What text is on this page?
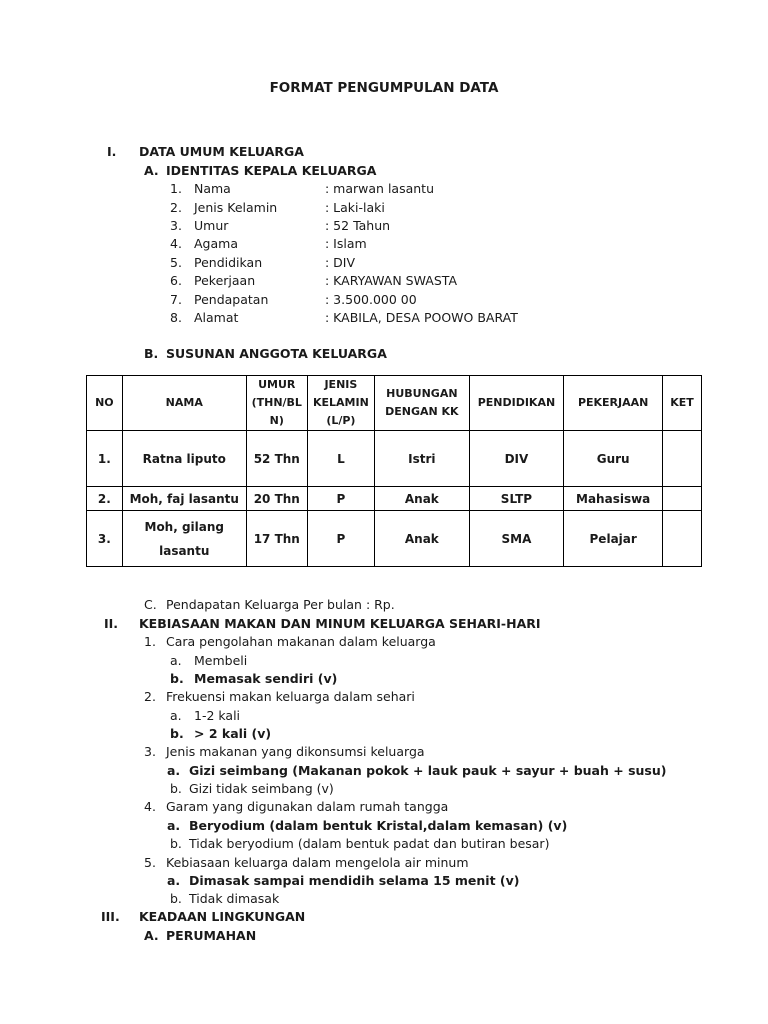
FORMAT PENGUMPULAN DATA
I. DATA UMUM KELUARGA
A. IDENTITAS KEPALA KELUARGA
1. Nama	: marwan lasantu
2. Jenis Kelamin	: Laki-laki
3. Umur	: 52 Tahun
4. Agama	: Islam
5. Pendidikan	: DIV
6. Pekerjaan	: KARYAWAN SWASTA
7. Pendapatan	: 3.500.000 00
8. Alamat	: KABILA, DESA POOWO BARAT
B. SUSUNAN ANGGOTA KELUARGA
NO	NAMA	UMUR (THN/BL N)	JENIS KELAMIN (L/P)	HUBUNGAN DENGAN KK	PENDIDIKAN	PEKERJAAN	KET
1.	Ratna liputo	52 Thn	L	Istri	DIV	Guru	
2.	Moh, faj lasantu	20 Thn	P	Anak	SLTP	Mahasiswa	
3.	Moh, gilang lasantu	17 Thn	P	Anak	SMA	Pelajar	
C. Pendapatan Keluarga Per bulan : Rp.
II. KEBIASAAN MAKAN DAN MINUM KELUARGA SEHARI-HARI
1. Cara pengolahan makanan dalam keluarga
a. Membeli
b. Memasak sendiri (v)
2. Frekuensi makan keluarga dalam sehari
a. 1-2 kali
b. > 2 kali (v)
3. Jenis makanan yang dikonsumsi keluarga
a. Gizi seimbang (Makanan pokok + lauk pauk + sayur + buah + susu)
b. Gizi tidak seimbang (v)
4. Garam yang digunakan dalam rumah tangga
a. Beryodium (dalam bentuk Kristal,dalam kemasan) (v)
b. Tidak beryodium (dalam bentuk padat dan butiran besar)
5. Kebiasaan keluarga dalam mengelola air minum
a. Dimasak sampai mendidih selama 15 menit (v)
b. Tidak dimasak
III. KEADAAN LINGKUNGAN
A. PERUMAHAN
